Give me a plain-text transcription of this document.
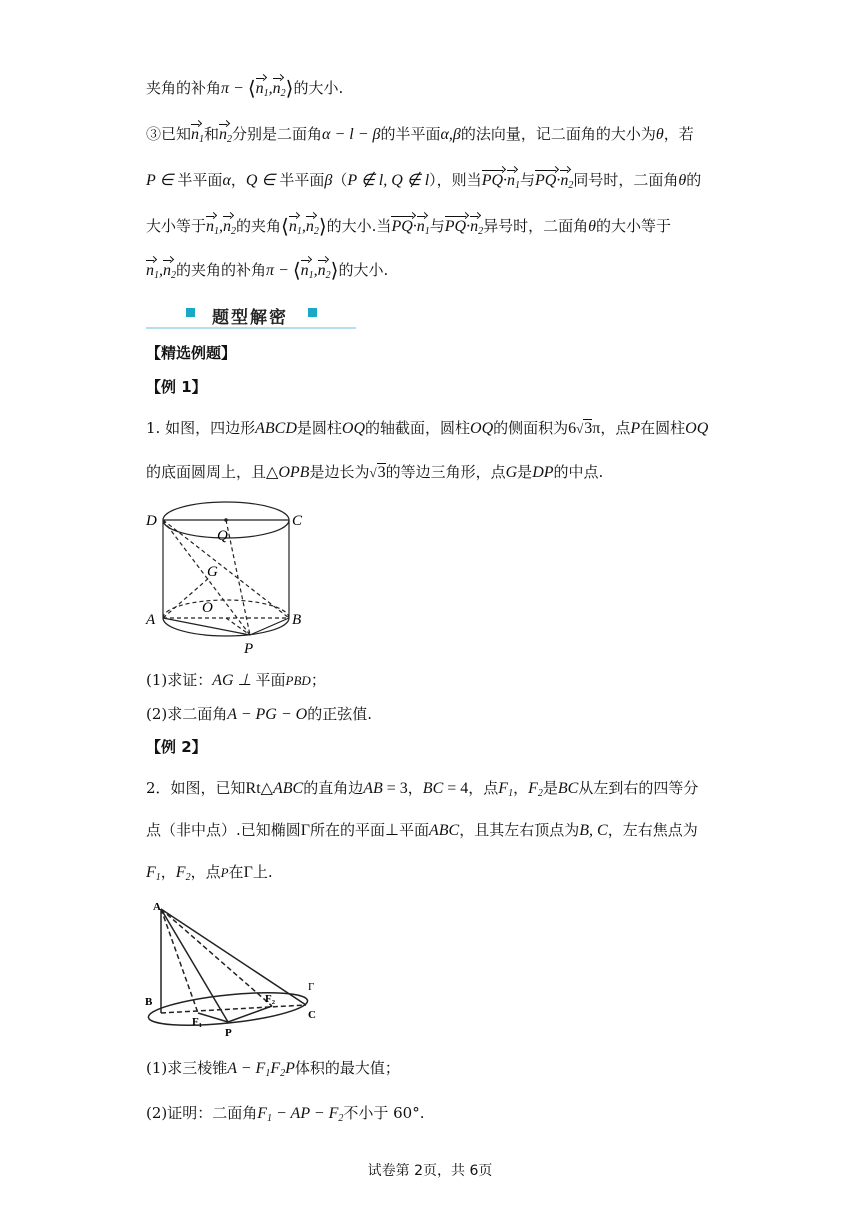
夹角的补角$\pi - ⟨n_1,n_2⟩$的大小.
③已知$n_1$和$n_2$分别是二面角α − l − β的半平面α,β的法向量，记二面角的大小为θ，若
P ∈ 半平面α，Q ∈ 半平面β（P ∉ l, Q ∉ l），则当$PQ\cdot n_1$与$PQ\cdot n_2$同号时，二面角θ的
大小等于$n_1,n_2$的夹角$⟨n_1,n_2⟩$的大小.当$PQ\cdot n_1$与$PQ\cdot n_2$异号时，二面角θ的大小等于
$n_1,n_2$的夹角的补角$\pi - ⟨n_1,n_2⟩$的大小.
题型解密
【精选例题】
【例 1】
1. 如图，四边形ABCD是圆柱OQ的轴截面，圆柱OQ的侧面积为6√3π，点P在圆柱OQ
的底面圆周上，且△OPB是边长为√3的等边三角形，点G是DP的中点.
D
Q
C
G
O
A	B
P
(1)求证：AG ⊥ 平面PBD；
(2)求二面角A − PG − O的正弦值.
【例 2】
2．如图，已知Rt△ABC的直角边AB = 3，BC = 4，点$F_1$，$F_2$是BC从左到右的四等分
点（非中点）.已知椭圆Γ所在的平面⊥平面ABC，且其左右顶点为B, C，左右焦点为
$F_1$，$F_2$，点P在Γ上.
A
Γ
B	F₂
F₁
P
C
(1)求三棱锥$A - F_1F_2P$体积的最大值；
(2)证明：二面角$F_1$ − AP − $F_2$不小于 60°.
试卷第 2页，共 6页
